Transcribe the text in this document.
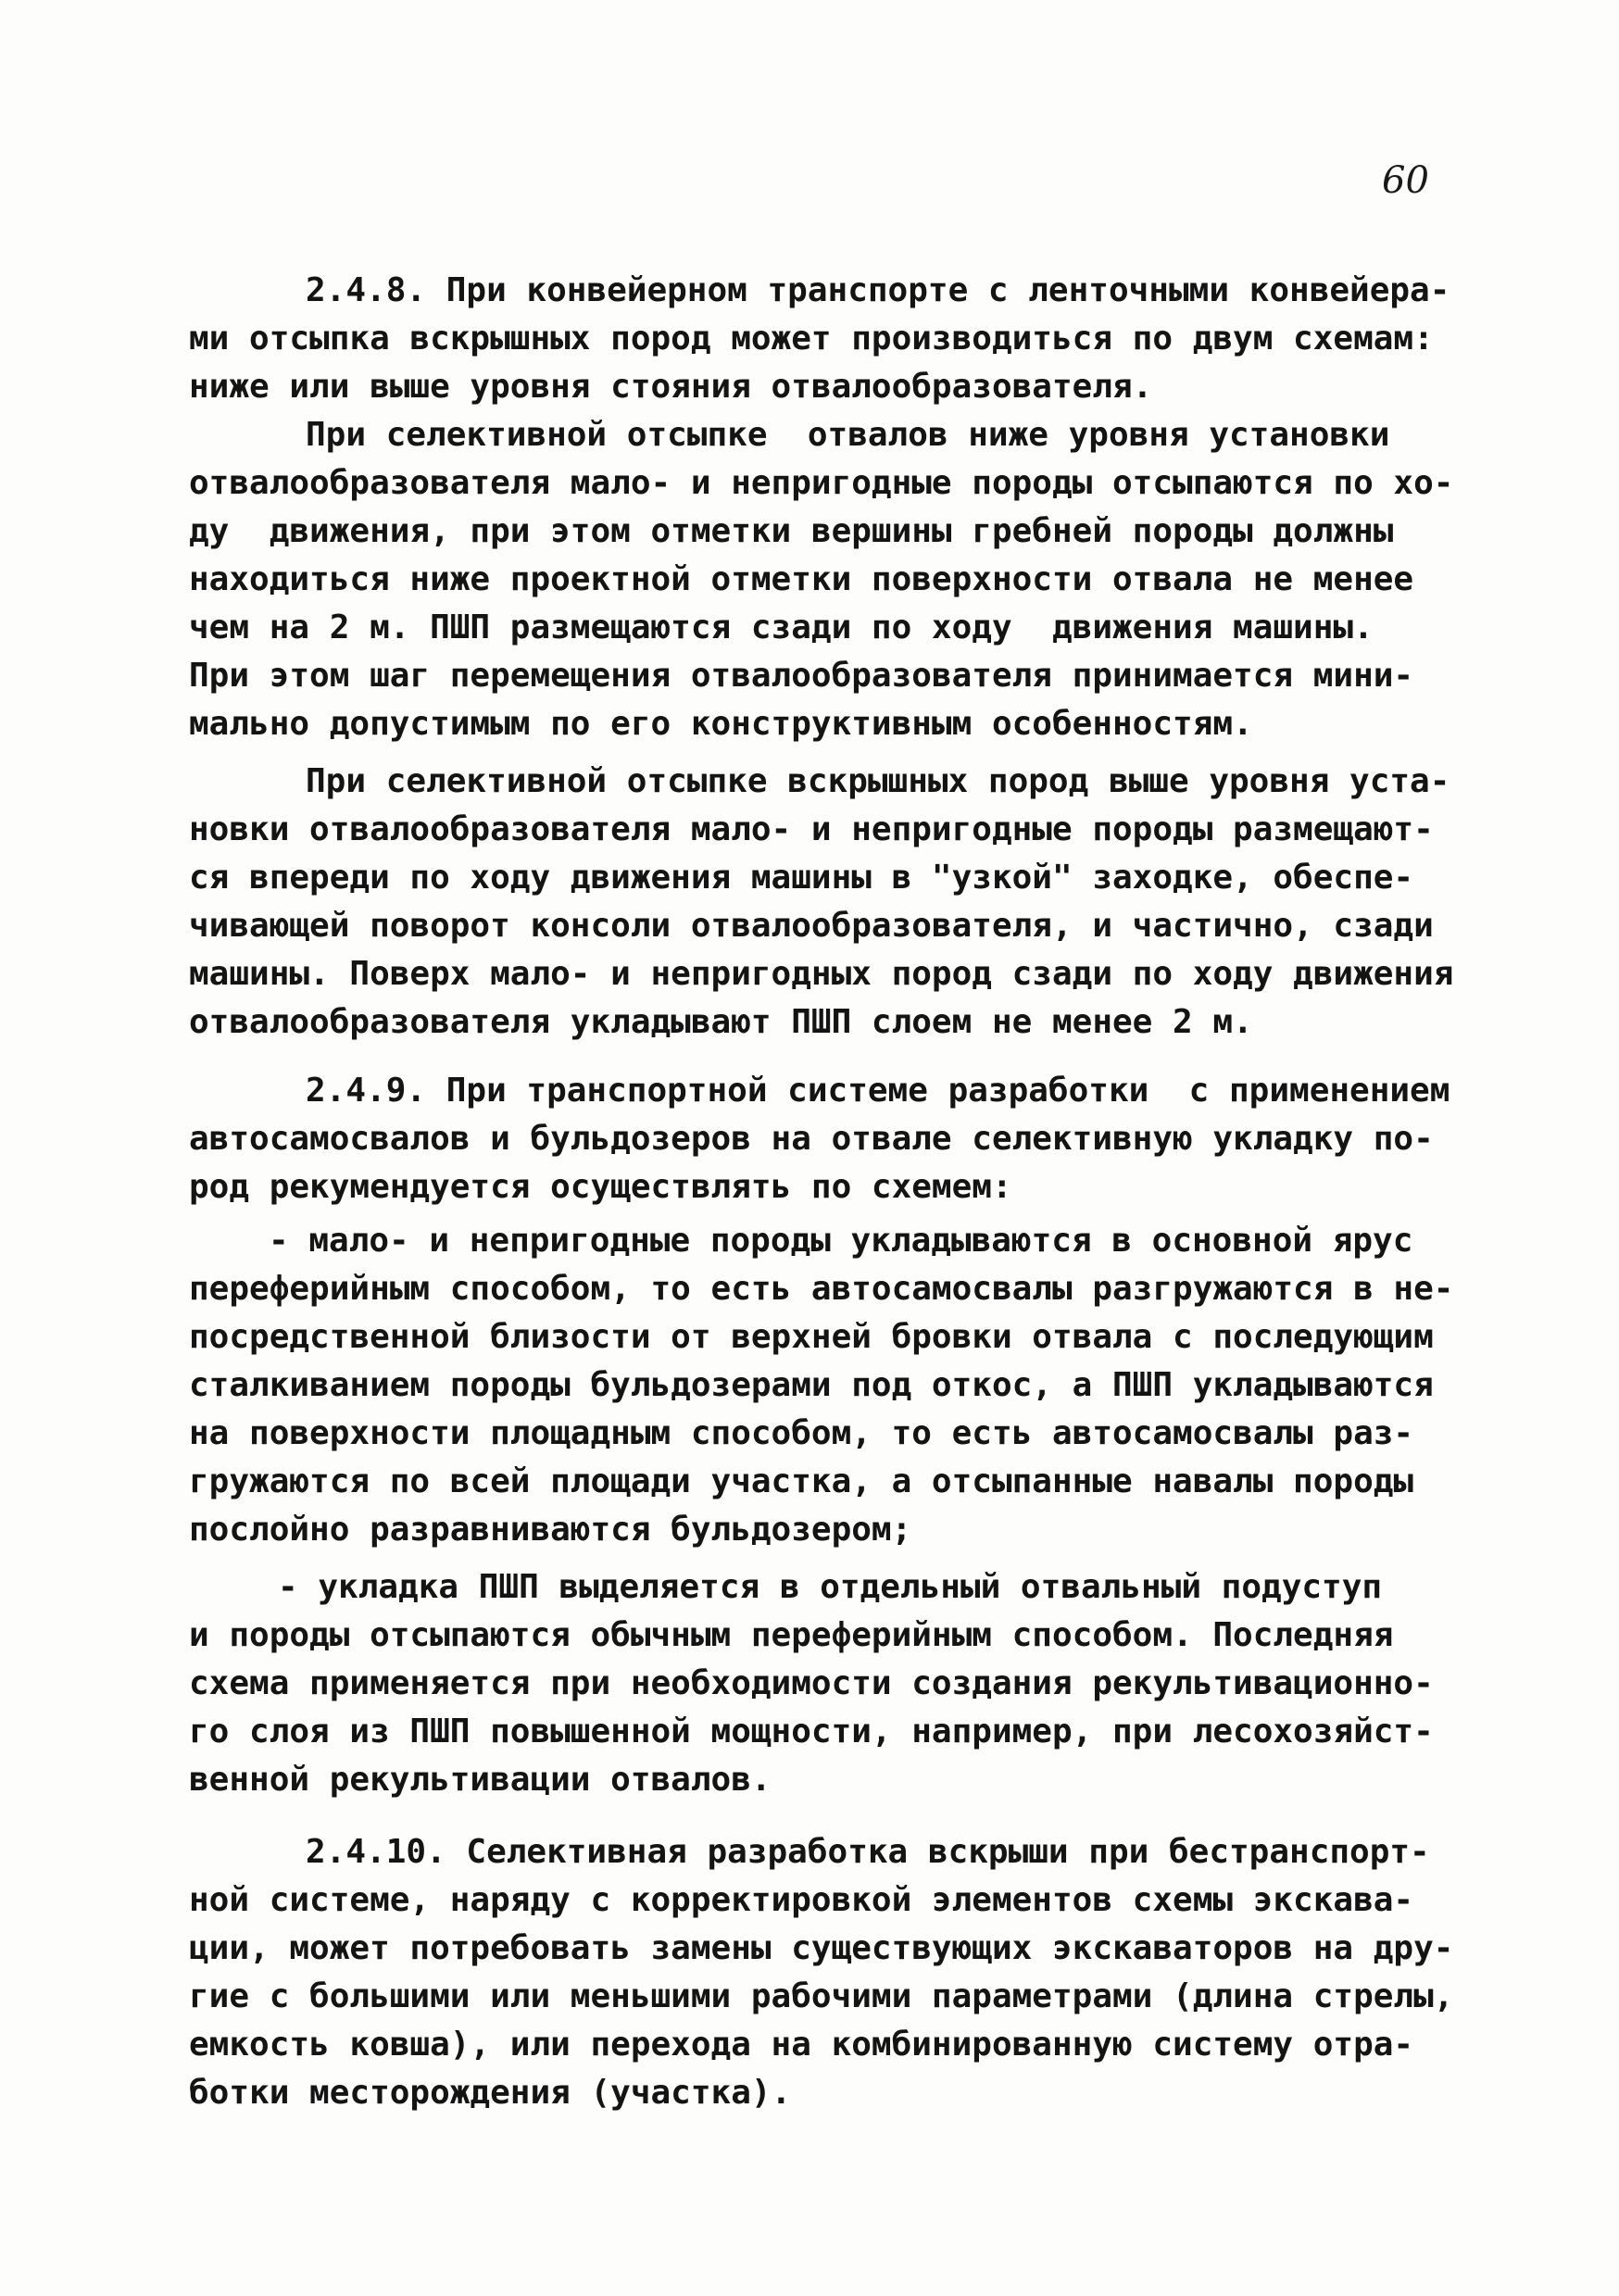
60

2.4.8. При конвейерном транспорте с ленточными конвейера-

ми отсыпка вскрышных пород может производиться по двум схемам:

ниже или выше уровня стояния отвалообразователя.

При селективной отсыпке  отвалов ниже уровня установки

отвалообразователя мало- и непригодные породы отсыпаются по хо-

ду  движения, при этом отметки вершины гребней породы должны

находиться ниже проектной отметки поверхности отвала не менее

чем на 2 м. ПШП размещаются сзади по ходу  движения машины.

При этом шаг перемещения отвалообразователя принимается мини-

мально допустимым по его конструктивным особенностям.

При селективной отсыпке вскрышных пород выше уровня уста-

новки отвалообразователя мало- и непригодные породы размещают-

ся впереди по ходу движения машины в "узкой" заходке, обеспе-

чивающей поворот консоли отвалообразователя, и частично, сзади

машины. Поверх мало- и непригодных пород сзади по ходу движения

отвалообразователя укладывают ПШП слоем не менее 2 м.

2.4.9. При транспортной системе разработки  с применением

автосамосвалов и бульдозеров на отвале селективную укладку по-

род рекумендуется осуществлять по схемем:

- мало- и непригодные породы укладываются в основной ярус

переферийным способом, то есть автосамосвалы разгружаются в не-

посредственной близости от верхней бровки отвала с последующим

сталкиванием породы бульдозерами под откос, а ПШП укладываются

на поверхности площадным способом, то есть автосамосвалы раз-

гружаются по всей площади участка, а отсыпанные навалы породы

послойно разравниваются бульдозером;

- укладка ПШП выделяется в отдельный отвальный подуступ

и породы отсыпаются обычным переферийным способом. Последняя

схема применяется при необходимости создания рекультивационно-

го слоя из ПШП повышенной мощности, например, при лесохозяйст-

венной рекультивации отвалов.

2.4.10. Селективная разработка вскрыши при бестранспорт-

ной системе, наряду с корректировкой элементов схемы экскава-

ции, может потребовать замены существующих экскаваторов на дру-

гие с большими или меньшими рабочими параметрами (длина стрелы,

емкость ковша), или перехода на комбинированную систему отра-

ботки месторождения (участка).
